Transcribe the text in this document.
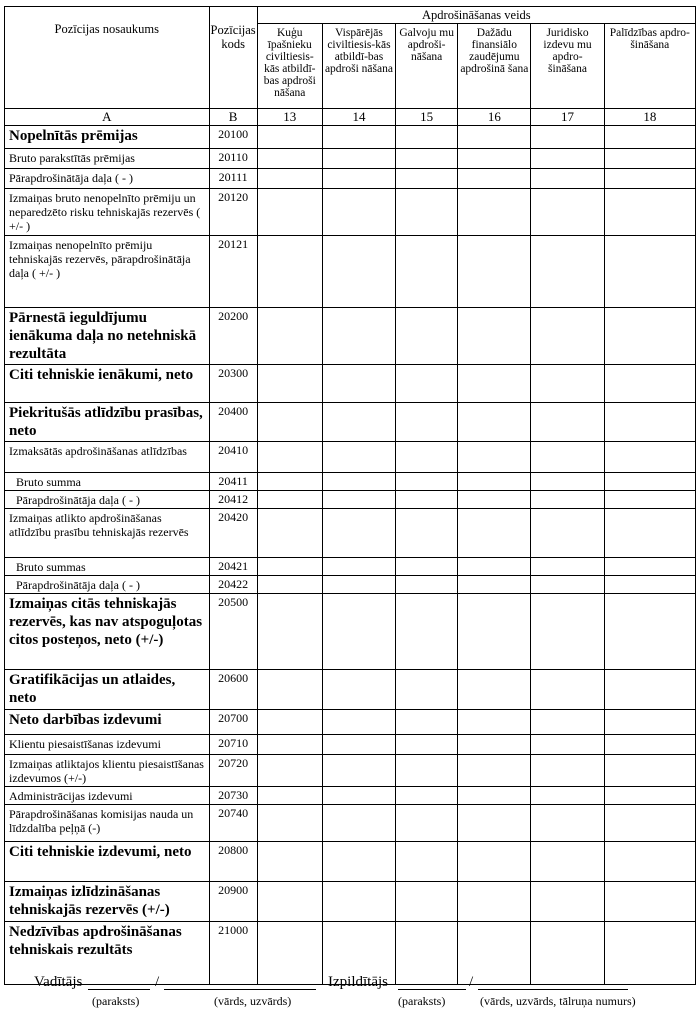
Pozīcijas nosaukums	Pozīcijas kods	Apdrošināšanas veids					
		Kuģu īpašnieku civiltiesis-kās atbildī-bas apdroši nāšana	Vispārējās civiltiesis-kās atbildī-bas apdroši nāšana	Galvoju mu apdroši-nāšana	Dažādu finansiālo zaudējumu apdrošinā šana	Juridisko izdevu mu apdro-šināšana	Palīdzības apdro-šināšana
A	B	13	14	15	16	17	18
Nopelnītās prēmijas	20100						
Bruto parakstītās prēmijas	20110						
Pārapdrošinātāja daļa ( - )	20111						
Izmaiņas bruto nenopelnīto prēmiju un neparedzēto risku tehniskajās rezervēs ( +/- )	20120						
Izmaiņas nenopelnīto prēmiju tehniskajās rezervēs, pārapdrošinātāja daļa ( +/- )	20121						
Pārnestā ieguldījumu ienākuma daļa no netehniskā rezultāta	20200						
Citi tehniskie ienākumi, neto	20300						
Piekritušās atlīdzību prasības, neto	20400						
Izmaksātās apdrošināšanas atlīdzības	20410						
Bruto summa	20411						
Pārapdrošinātāja daļa ( - )	20412						
Izmaiņas atlikto apdrošināšanas atlīdzību prasību tehniskajās rezervēs	20420						
Bruto summas	20421						
Pārapdrošinātāja daļa ( - )	20422						
Izmaiņas citās tehniskajās rezervēs, kas nav atspoguļotas citos posteņos, neto (+/-)	20500						
Gratifikācijas un atlaides, neto	20600						
Neto darbības izdevumi	20700						
Klientu piesaistīšanas izdevumi	20710						
Izmaiņas atliktajos klientu piesaistīšanas izdevumos (+/-)	20720						
Administrācijas izdevumi	20730						
Pārapdrošināšanas komisijas nauda un līdzdalība peļņā (-)	20740						
Citi tehniskie izdevumi, neto	20800						
Izmaiņas izlīdzināšanas tehniskajās rezervēs (+/-)	20900						
Nedzīvības apdrošināšanas tehniskais rezultāts	21000						
Vadītājs	/	Izpildītājs	/
(paraksts)	(vārds, uzvārds)	(paraksts)	(vārds, uzvārds, tālruņa numurs)
